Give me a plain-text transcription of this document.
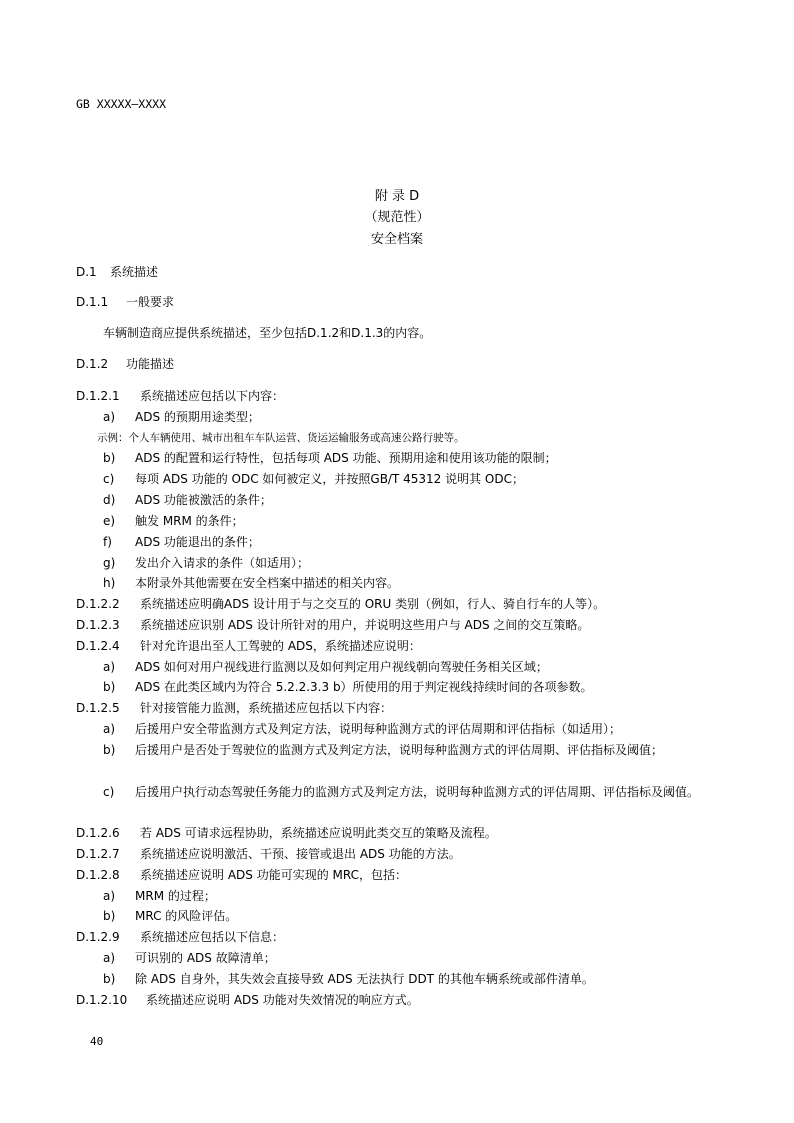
GB XXXXX—XXXX
附 录 D
（规范性）
安全档案
D.1 系统描述
D.1.1 一般要求
车辆制造商应提供系统描述，至少包括D.1.2和D.1.3的内容。
D.1.2 功能描述
D.1.2.1 系统描述应包括以下内容：
a) ADS 的预期用途类型；
示例：个人车辆使用、城市出租车车队运营、货运运输服务或高速公路行驶等。
b) ADS 的配置和运行特性，包括每项 ADS 功能、预期用途和使用该功能的限制；
c) 每项 ADS 功能的 ODC 如何被定义，并按照GB/T 45312 说明其 ODC；
d) ADS 功能被激活的条件；
e) 触发 MRM 的条件；
f) ADS 功能退出的条件；
g) 发出介入请求的条件（如适用）；
h) 本附录外其他需要在安全档案中描述的相关内容。
D.1.2.2 系统描述应明确ADS 设计用于与之交互的 ORU 类别（例如，行人、骑自行车的人等）。
D.1.2.3 系统描述应识别 ADS 设计所针对的用户，并说明这些用户与 ADS 之间的交互策略。
D.1.2.4 针对允许退出至人工驾驶的 ADS，系统描述应说明：
a) ADS 如何对用户视线进行监测以及如何判定用户视线朝向驾驶任务相关区域；
b) ADS 在此类区域内为符合 5.2.2.3.3 b）所使用的用于判定视线持续时间的各项参数。
D.1.2.5 针对接管能力监测，系统描述应包括以下内容：
a) 后援用户安全带监测方式及判定方法，说明每种监测方式的评估周期和评估指标（如适用）；
b) 后援用户是否处于驾驶位的监测方式及判定方法，说明每种监测方式的评估周期、评估指标及阈值；
c) 后援用户执行动态驾驶任务能力的监测方式及判定方法，说明每种监测方式的评估周期、评估指标及阈值。
D.1.2.6 若 ADS 可请求远程协助，系统描述应说明此类交互的策略及流程。
D.1.2.7 系统描述应说明激活、干预、接管或退出 ADS 功能的方法。
D.1.2.8 系统描述应说明 ADS 功能可实现的 MRC，包括：
a) MRM 的过程；
b) MRC 的风险评估。
D.1.2.9 系统描述应包括以下信息：
a) 可识别的 ADS 故障清单；
b) 除 ADS 自身外，其失效会直接导致 ADS 无法执行 DDT 的其他车辆系统或部件清单。
D.1.2.10 系统描述应说明 ADS 功能对失效情况的响应方式。
40
